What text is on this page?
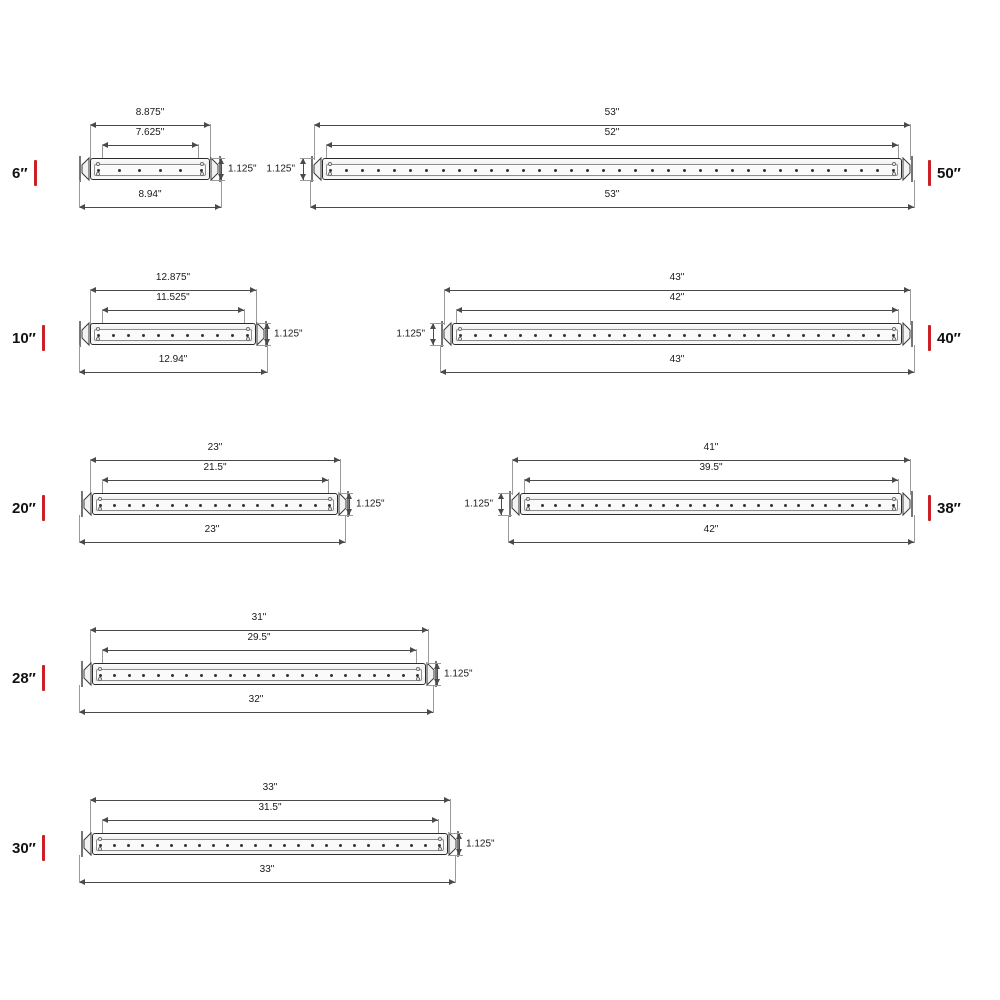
6″
8.875"
7.625"
1.125"
8.94"
50″
53"
52"
1.125"
53"
10″
12.875"
11.525"
1.125"
12.94"
40″
43"
42"
1.125"
43"
20″
23"
21.5"
1.125"
23"
38″
41"
39.5"
1.125"
42"
28″
31"
29.5"
1.125"
32"
30″
33"
31.5"
1.125"
33"
